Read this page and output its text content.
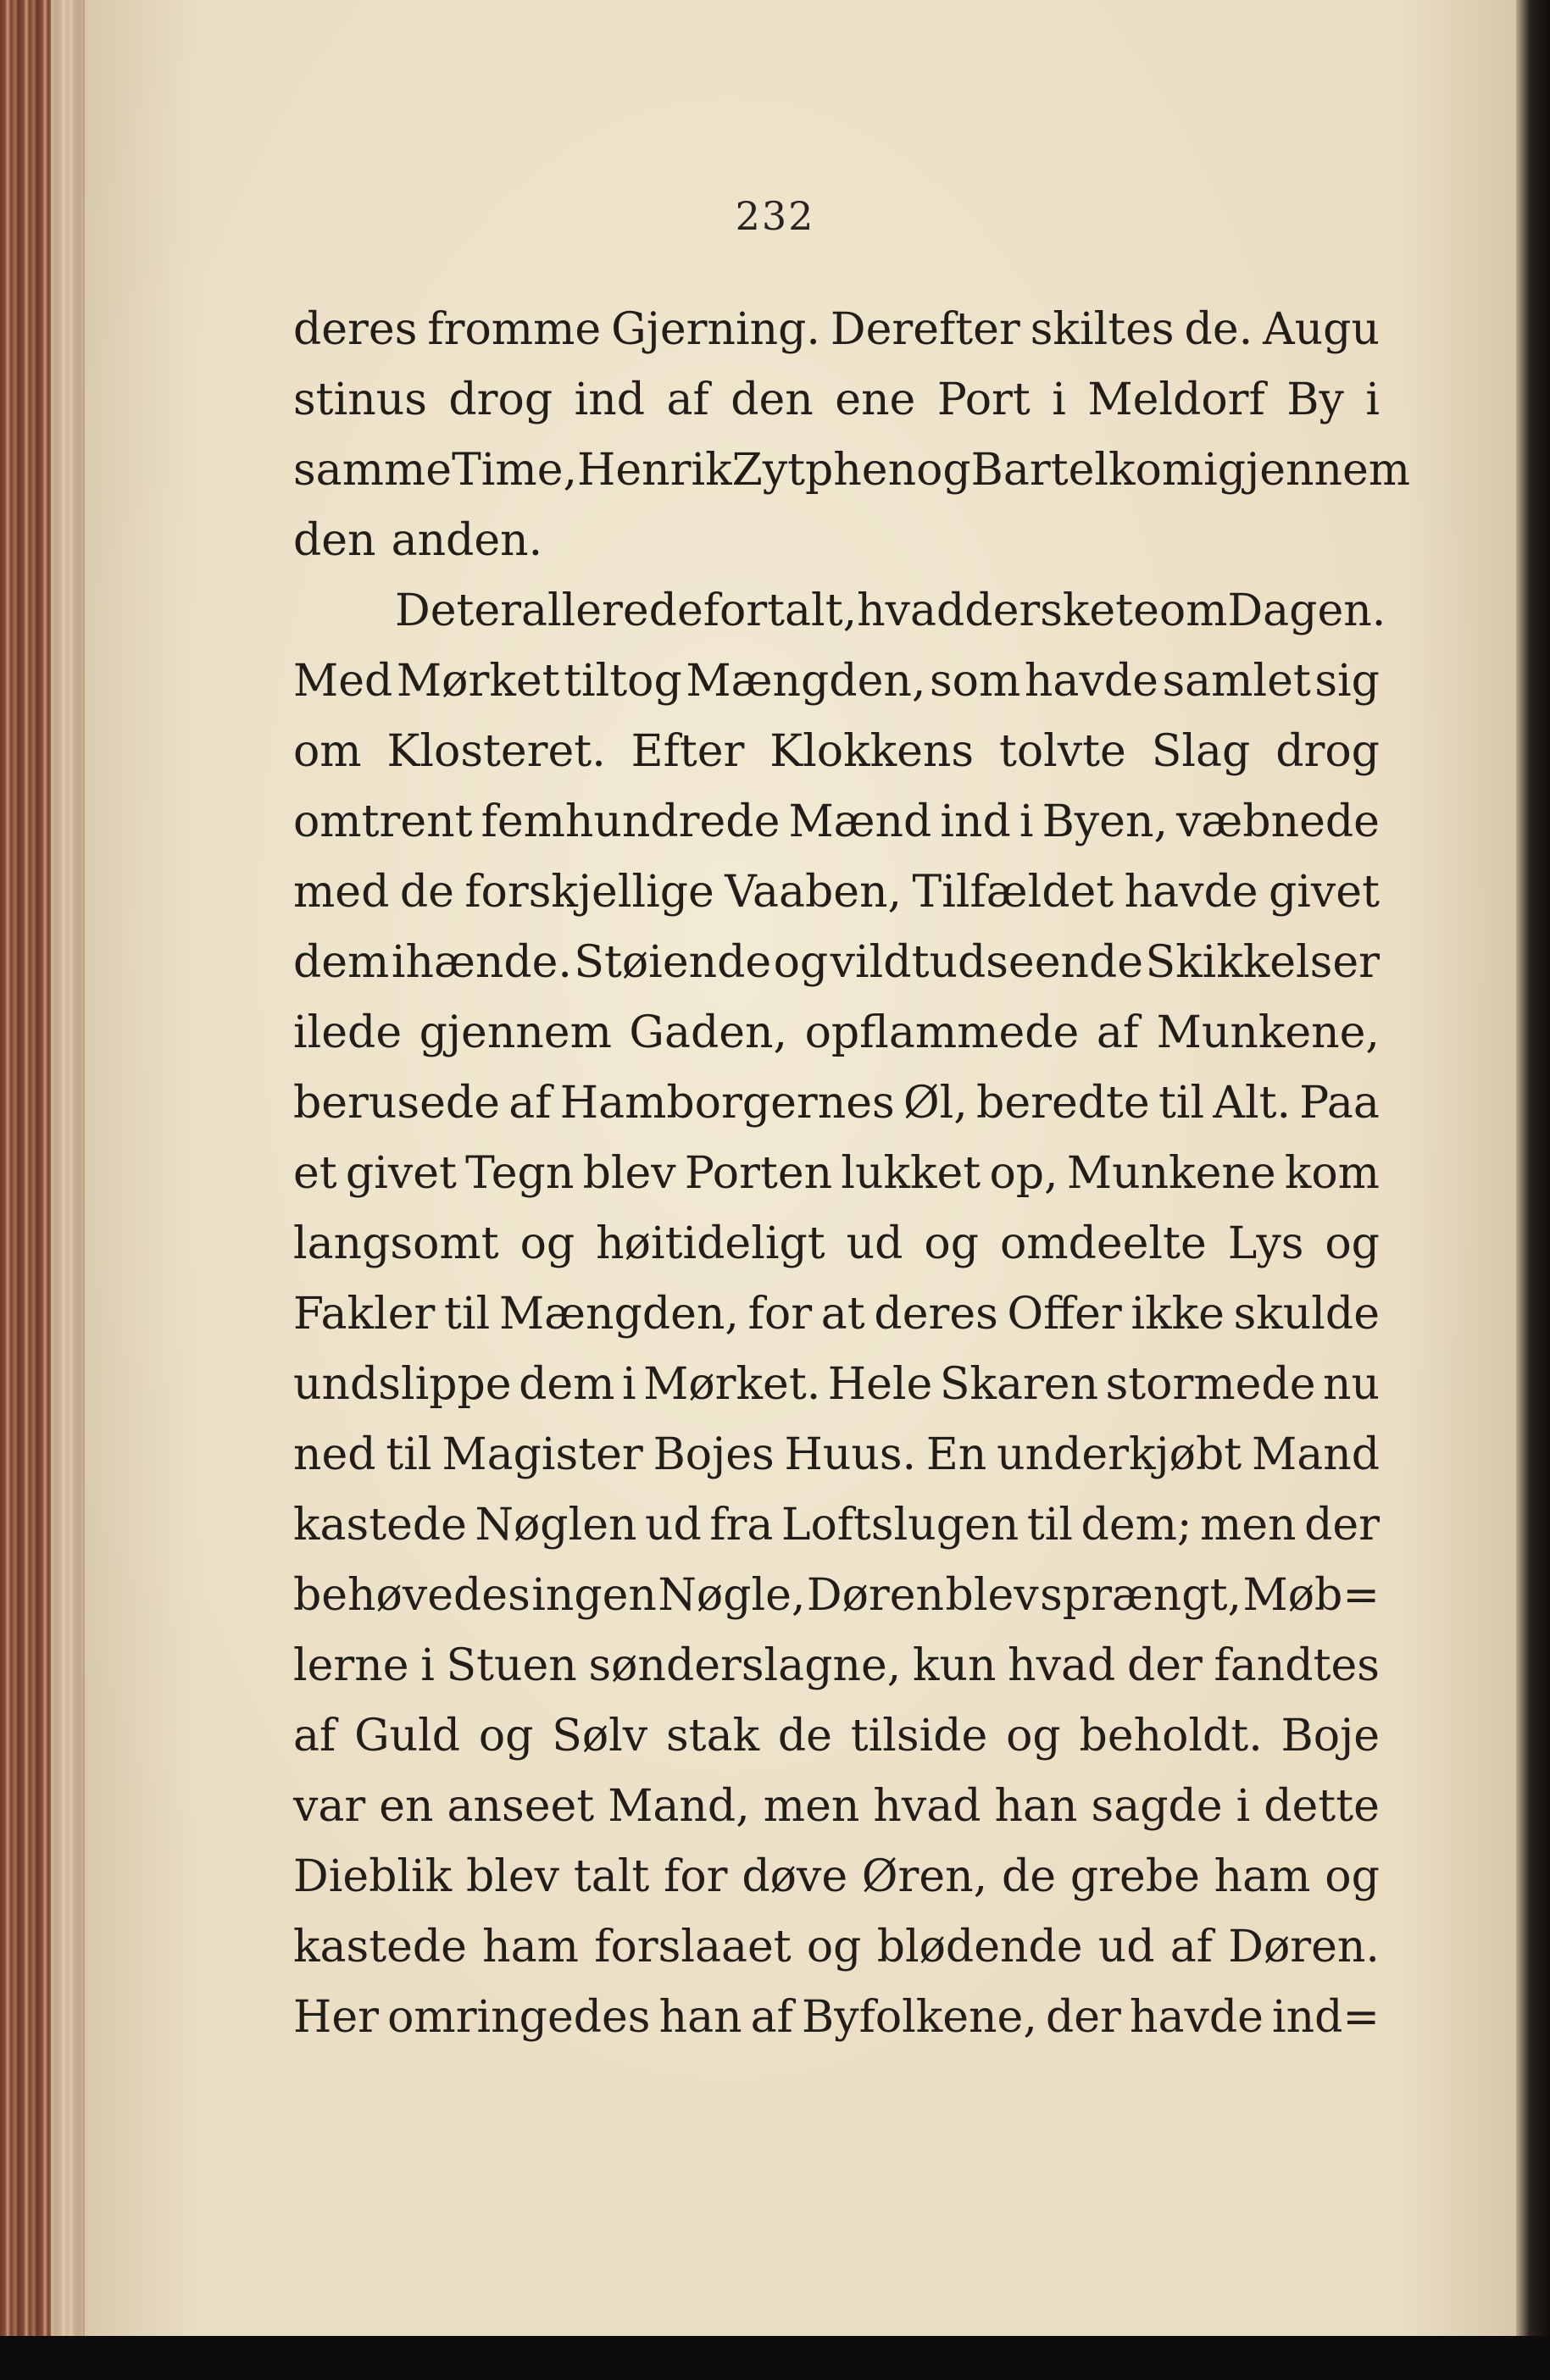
232
deres fromme Gjerning. Derefter skiltes de. Augu
stinus drog ind af den ene Port i Meldorf By i
samme Time, Henrik Zytphen og Bartel kom igjennem
den anden.
Det er allerede fortalt, hvad der skete om Dagen.
Med Mørket tiltog Mængden, som havde samlet sig
om Klosteret. Efter Klokkens tolvte Slag drog
omtrent femhundrede Mænd ind i Byen, væbnede
med de forskjellige Vaaben, Tilfældet havde givet
dem ihænde. Støiende og vildtudseende Skikkelser
ilede gjennem Gaden, opflammede af Munkene,
berusede af Hamborgernes Øl, beredte til Alt. Paa
et givet Tegn blev Porten lukket op, Munkene kom
langsomt og høitideligt ud og omdeelte Lys og
Fakler til Mængden, for at deres Offer ikke skulde
undslippe dem i Mørket. Hele Skaren stormede nu
ned til Magister Bojes Huus. En underkjøbt Mand
kastede Nøglen ud fra Loftslugen til dem; men der
behøvedes ingen Nøgle, Døren blev sprængt, Møb=
lerne i Stuen sønderslagne, kun hvad der fandtes
af Guld og Sølv stak de tilside og beholdt. Boje
var en anseet Mand, men hvad han sagde i dette
Dieblik blev talt for døve Øren, de grebe ham og
kastede ham forslaaet og blødende ud af Døren.
Her omringedes han af Byfolkene, der havde ind=
